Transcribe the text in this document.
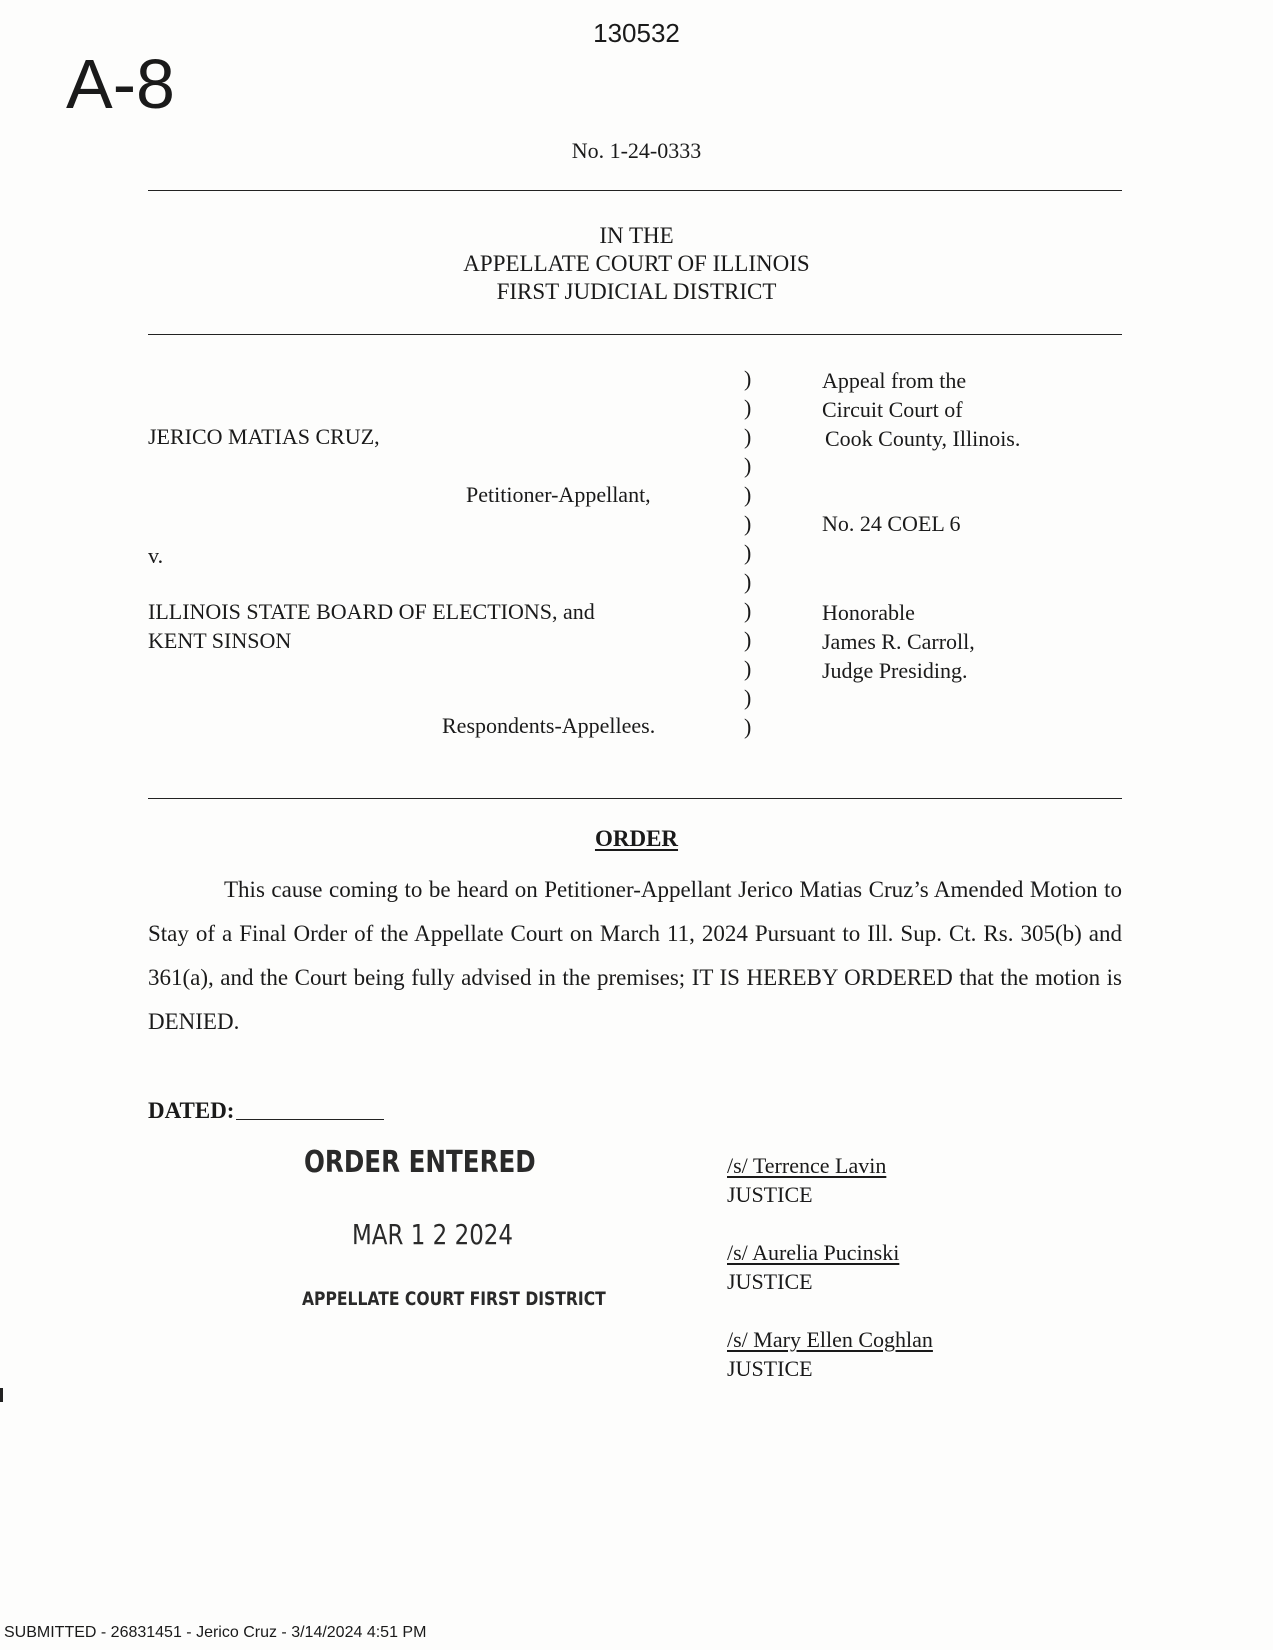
130532
A-8
No. 1-24-0333
IN THE
APPELLATE COURT OF ILLINOIS
FIRST JUDICIAL DISTRICT
JERICO MATIAS CRUZ,
Petitioner-Appellant,
v.
ILLINOIS STATE BOARD OF ELECTIONS, and
KENT SINSON
Respondents-Appellees.
)
)
)
)
)
)
)
)
)
)
)
)
)
Appeal from the
Circuit Court of
Cook County, Illinois.
No. 24 COEL 6
Honorable
James R. Carroll,
Judge Presiding.
ORDER
This cause coming to be heard on Petitioner-Appellant Jerico Matias Cruz’s Amended Motion to Stay of a Final Order of the Appellate Court on March 11, 2024 Pursuant to Ill. Sup. Ct. Rs. 305(b) and 361(a), and the Court being fully advised in the premises; IT IS HEREBY ORDERED that the motion is DENIED.
DATED:
ORDER ENTERED
MAR 1 2 2024
APPELLATE COURT FIRST DISTRICT
/s/ Terrence Lavin
JUSTICE
/s/ Aurelia Pucinski
JUSTICE
/s/ Mary Ellen Coghlan
JUSTICE
SUBMITTED - 26831451 - Jerico Cruz - 3/14/2024 4:51 PM
